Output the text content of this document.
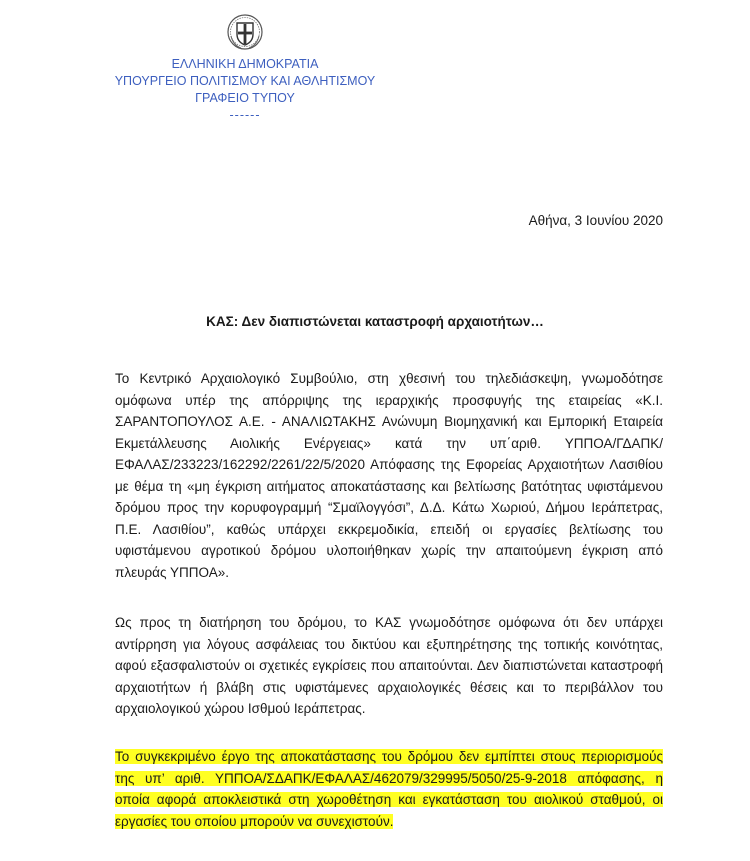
ΕΛΛΗΝΙΚΗ ΔΗΜΟΚΡΑΤΙΑ
ΥΠΟΥΡΓΕΙΟ ΠΟΛΙΤΙΣΜΟΥ ΚΑΙ ΑΘΛΗΤΙΣΜΟΥ
ΓΡΑΦΕΙΟ ΤΥΠΟΥ
------
Αθήνα, 3 Ιουνίου 2020
ΚΑΣ: Δεν διαπιστώνεται καταστροφή αρχαιοτήτων…
Το Κεντρικό Αρχαιολογικό Συμβούλιο, στη χθεσινή του τηλεδιάσκεψη, γνωμοδότησε ομόφωνα υπέρ της απόρριψης της ιεραρχικής προσφυγής της εταιρείας «Κ.Ι. ΣΑΡΑΝΤΟΠΟΥΛΟΣ Α.Ε. - ΑΝΑΛΙΩΤΑΚΗΣ Ανώνυμη Βιομηχανική και Εμπορική Εταιρεία Εκμετάλλευσης Αιολικής Ενέργειας» κατά την υπ΄αριθ. ΥΠΠΟΑ/ΓΔΑΠΚ/ΕΦΑΛΑΣ/233223/162292/2261/22/5/2020 Απόφασης της Εφορείας Αρχαιοτήτων Λασιθίου με θέμα τη «μη έγκριση αιτήματος αποκατάστασης και βελτίωσης βατότητας υφιστάμενου δρόμου προς την κορυφογραμμή “Σμαϊλογγόσι”, Δ.Δ. Κάτω Χωριού, Δήμου Ιεράπετρας, Π.Ε. Λασιθίου”, καθώς υπάρχει εκκρεμοδικία, επειδή οι εργασίες βελτίωσης του υφιστάμενου αγροτικού δρόμου υλοποιήθηκαν χωρίς την απαιτούμενη έγκριση από πλευράς ΥΠΠΟΑ».
Ως προς τη διατήρηση του δρόμου, το ΚΑΣ γνωμοδότησε ομόφωνα ότι δεν υπάρχει αντίρρηση για λόγους ασφάλειας του δικτύου και εξυπηρέτησης της τοπικής κοινότητας, αφού εξασφαλιστούν οι σχετικές εγκρίσεις που απαιτούνται. Δεν διαπιστώνεται καταστροφή αρχαιοτήτων ή βλάβη στις υφιστάμενες αρχαιολογικές θέσεις και το περιβάλλον του αρχαιολογικού χώρου Ισθμού Ιεράπετρας.
Το συγκεκριμένο έργο της αποκατάστασης του δρόμου δεν εμπίπτει στους περιορισμούς της υπ’ αριθ. ΥΠΠΟΑ/ΣΔΑΠΚ/ΕΦΑΛΑΣ/462079/329995/5050/25-9-2018 απόφασης, η οποία αφορά αποκλειστικά στη χωροθέτηση και εγκατάσταση του αιολικού σταθμού, οι εργασίες του οποίου μπορούν να συνεχιστούν.
